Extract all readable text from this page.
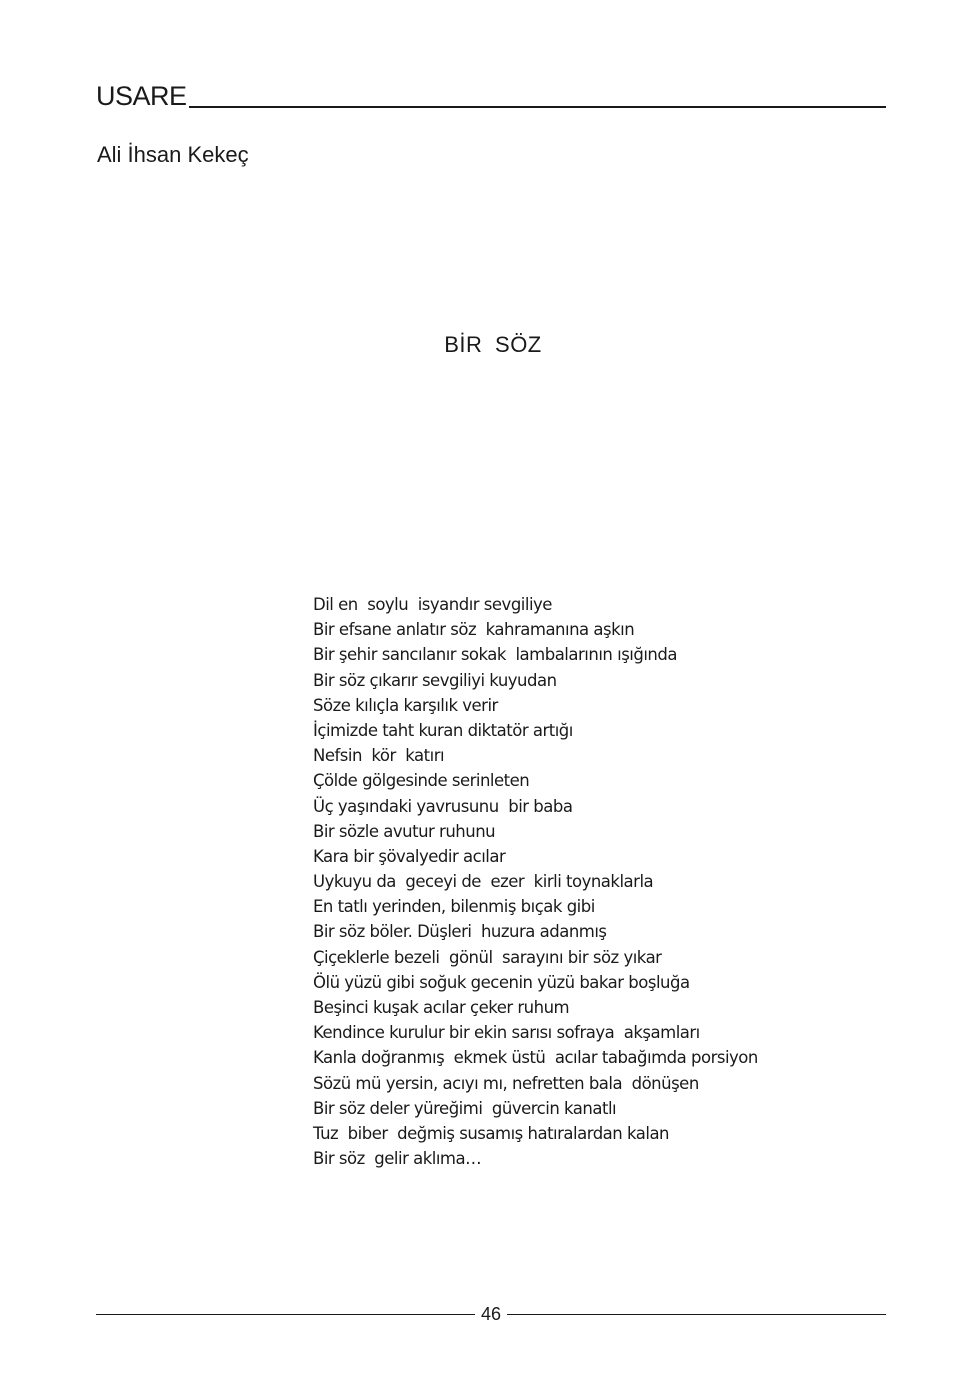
USARE
Ali İhsan Kekeç
BİR SÖZ
Dil en  soylu  isyandır sevgiliye
Bir efsane anlatır söz  kahramanına aşkın
Bir şehir sancılanır sokak  lambalarının ışığında
Bir söz çıkarır sevgiliyi kuyudan
Söze kılıçla karşılık verir
İçimizde taht kuran diktatör artığı
Nefsin  kör  katırı
Çölde gölgesinde serinleten
Üç yaşındaki yavrusunu  bir baba
Bir sözle avutur ruhunu
Kara bir şövalyedir acılar
Uykuyu da  geceyi de  ezer  kirli toynaklarla
En tatlı yerinden, bilenmiş bıçak gibi
Bir söz böler. Düşleri  huzura adanmış
Çiçeklerle bezeli  gönül  sarayını bir söz yıkar
Ölü yüzü gibi soğuk gecenin yüzü bakar boşluğa
Beşinci kuşak acılar çeker ruhum
Kendince kurulur bir ekin sarısı sofraya  akşamları
Kanla doğranmış  ekmek üstü  acılar tabağımda porsiyon
Sözü mü yersin, acıyı mı, nefretten bala  dönüşen
Bir söz deler yüreğimi  güvercin kanatlı
Tuz  biber  değmiş susamış hatıralardan kalan
Bir söz  gelir aklıma…
46
